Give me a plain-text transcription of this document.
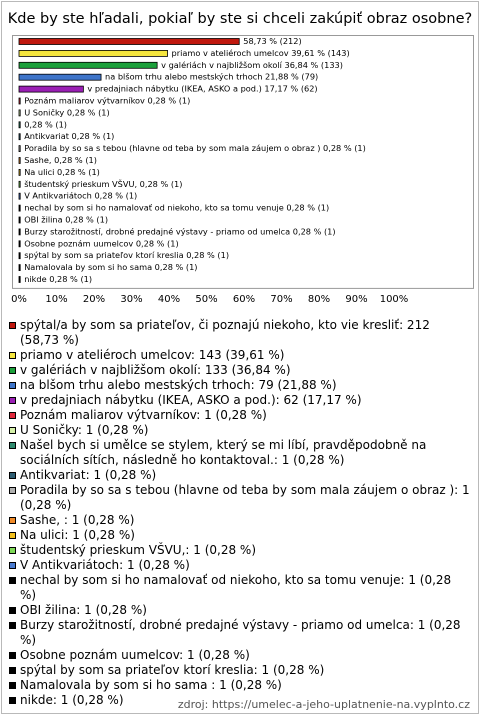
Kde by ste hľadali, pokiaľ by ste si chceli zakúpiť obraz osobne?
58,73 % (212)
priamo v ateliéroch umelcov 39,61 % (143)
v galériách v najbližšom okolí 36,84 % (133)
na blšom trhu alebo mestských trhoch 21,88 % (79)
v predajniach nábytku (IKEA, ASKO a pod.) 17,17 % (62)
Poznám maliarov výtvarníkov 0,28 % (1)
U Soničky 0,28 % (1)
0,28 % (1)
Antikvariat 0,28 % (1)
Poradila by so sa s tebou (hlavne od teba by som mala záujem o obraz ) 0,28 % (1)
Sashe, 0,28 % (1)
Na ulici 0,28 % (1)
študentský prieskum VŠVU, 0,28 % (1)
V Antikvariátoch 0,28 % (1)
nechal by som si ho namalovať od niekoho, kto sa tomu venuje 0,28 % (1)
OBI žilina 0,28 % (1)
Burzy starožitností, drobné predajné výstavy - priamo od umelca 0,28 % (1)
Osobne poznám uumelcov 0,28 % (1)
spýtal by som sa priateľov ktorí kreslia 0,28 % (1)
Namalovala by som si ho sama 0,28 % (1)
nikde 0,28 % (1)
0% 10% 20% 30% 40% 50% 60% 70% 80% 90% 100%
spýtal/a by som sa priateľov, či poznajú niekoho, kto vie kresliť: 212 (58,73 %)
priamo v ateliéroch umelcov: 143 (39,61 %)
v galériách v najbližšom okolí: 133 (36,84 %)
na blšom trhu alebo mestských trhoch: 79 (21,88 %)
v predajniach nábytku (IKEA, ASKO a pod.): 62 (17,17 %)
Poznám maliarov výtvarníkov: 1 (0,28 %)
U Soničky: 1 (0,28 %)
Našel bych si umělce se stylem, který se mi líbí, pravděpodobně na sociálních sítích, následně ho kontaktoval.: 1 (0,28 %)
Antikvariat: 1 (0,28 %)
Poradila by so sa s tebou (hlavne od teba by som mala záujem o obraz ): 1 (0,28 %)
Sashe, : 1 (0,28 %)
Na ulici: 1 (0,28 %)
študentský prieskum VŠVU,: 1 (0,28 %)
V Antikvariátoch: 1 (0,28 %)
nechal by som si ho namalovať od niekoho, kto sa tomu venuje: 1 (0,28 %)
OBI žilina: 1 (0,28 %)
Burzy starožitností, drobné predajné výstavy - priamo od umelca: 1 (0,28 %)
Osobne poznám uumelcov: 1 (0,28 %)
spýtal by som sa priateľov ktorí kreslia: 1 (0,28 %)
Namalovala by som si ho sama : 1 (0,28 %)
nikde: 1 (0,28 %)	zdroj: https://umelec-a-jeho-uplatnenie-na.vyplnto.cz
